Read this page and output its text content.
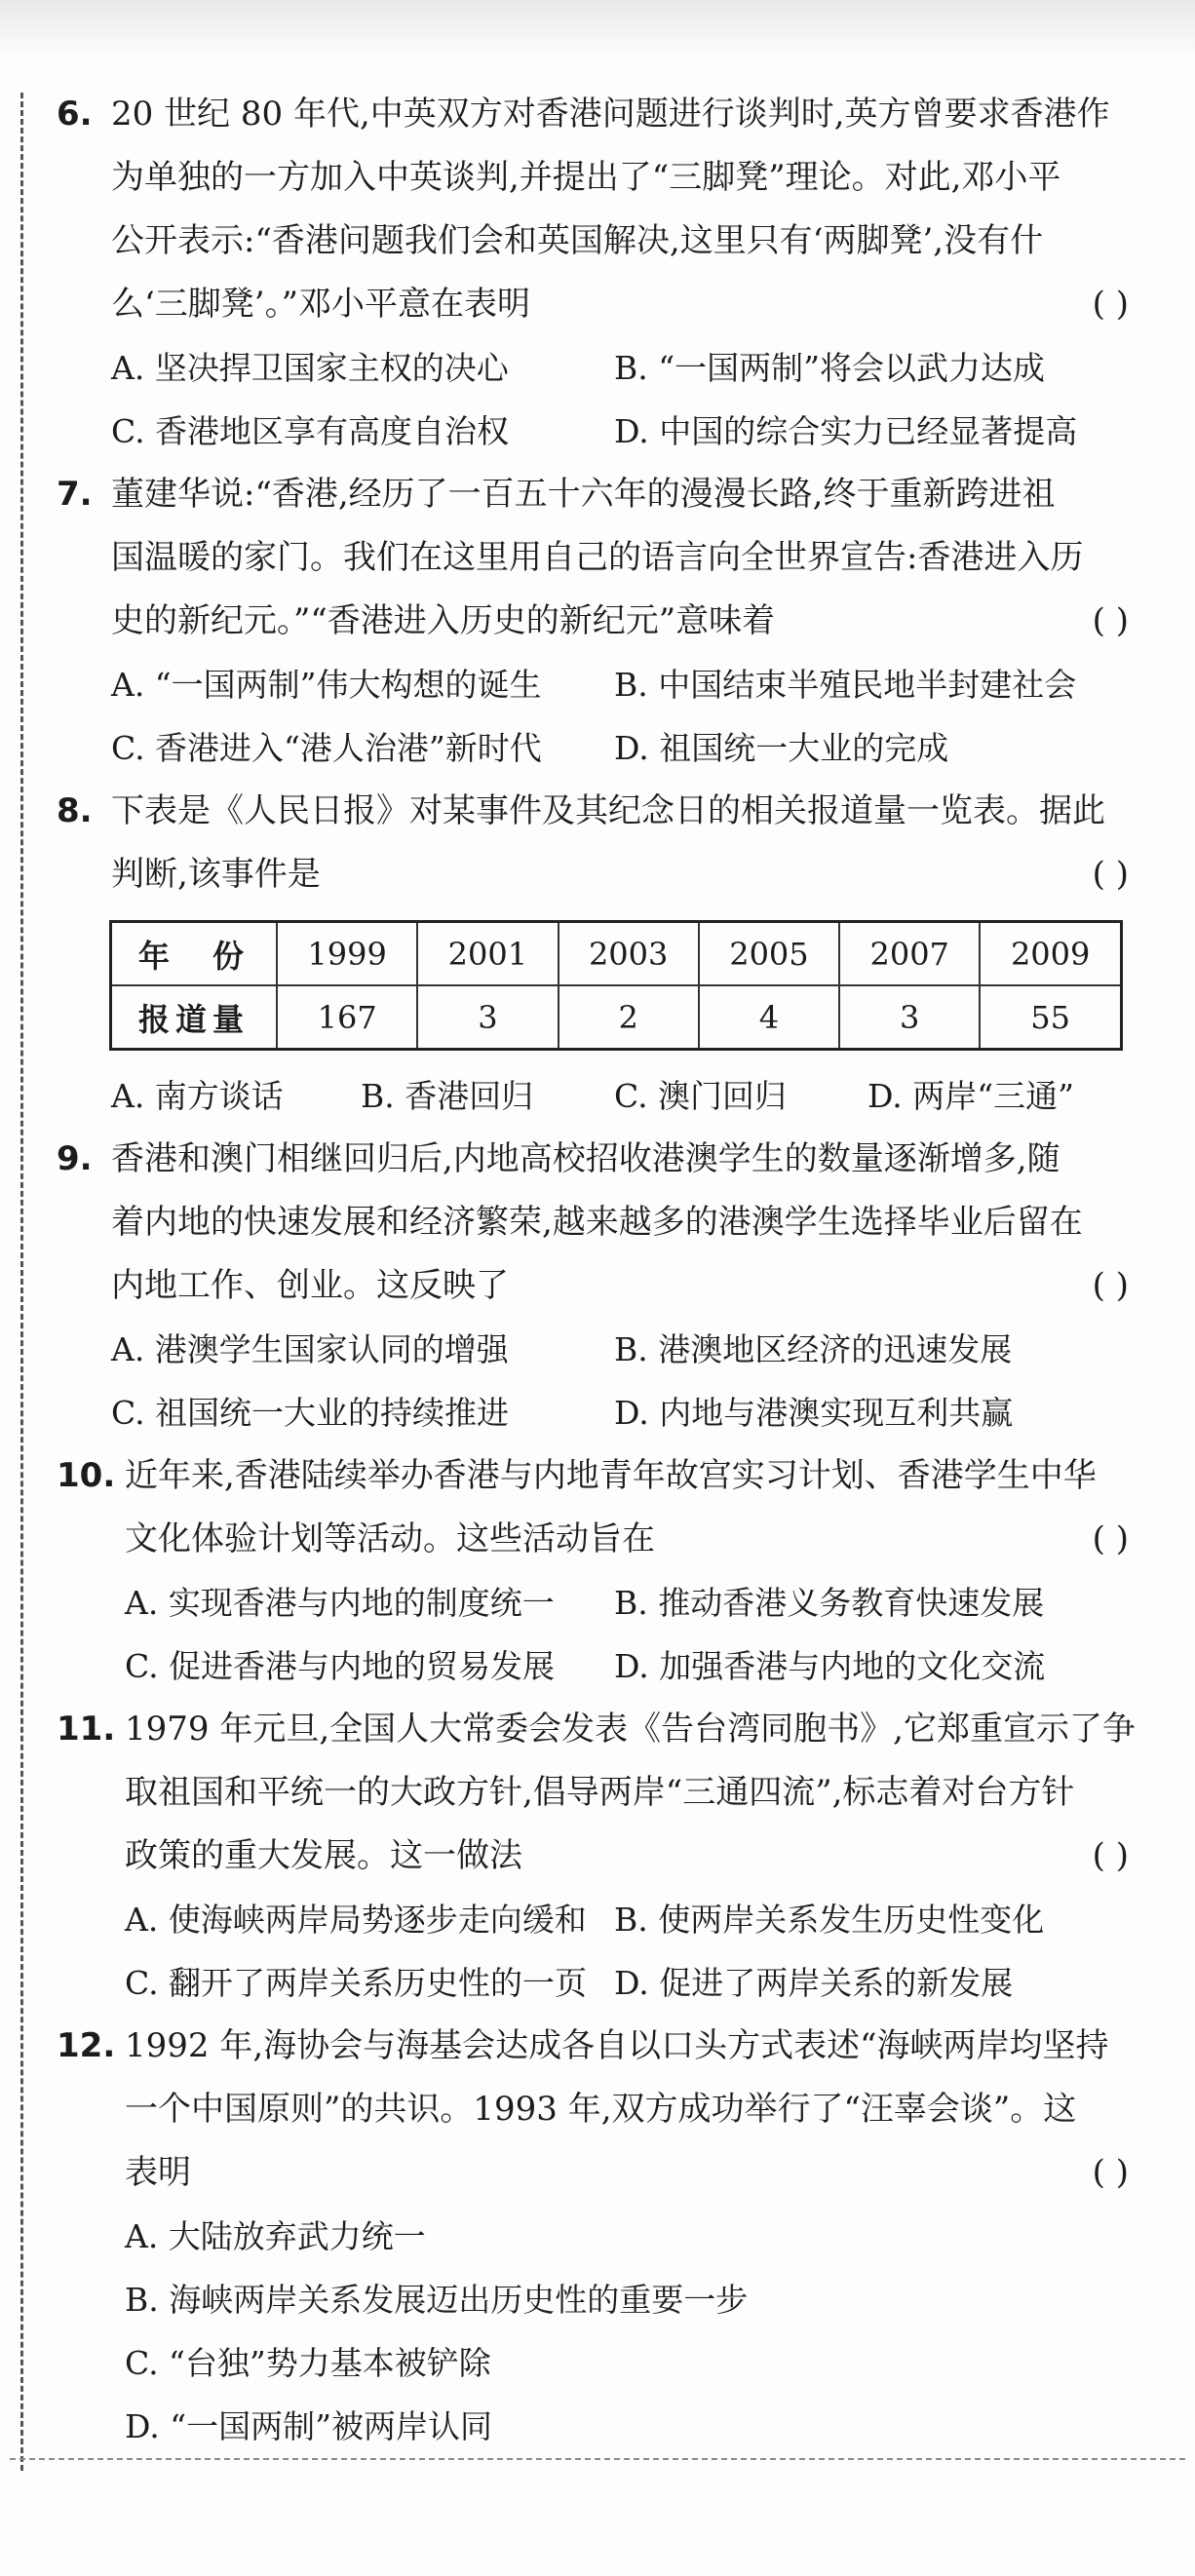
6. 20 世纪 80 年代,中英双方对香港问题进行谈判时,英方曾要求香港作
为单独的一方加入中英谈判,并提出了“三脚凳”理论。对此,邓小平
公开表示:“香港问题我们会和英国解决,这里只有‘两脚凳’,没有什
么‘三脚凳’。”邓小平意在表明	( )
A. 坚决捍卫国家主权的决心	B. “一国两制”将会以武力达成
C. 香港地区享有高度自治权	D. 中国的综合实力已经显著提高
7. 董建华说:“香港,经历了一百五十六年的漫漫长路,终于重新跨进祖
国温暖的家门。我们在这里用自己的语言向全世界宣告:香港进入历
史的新纪元。”“香港进入历史的新纪元”意味着	( )
A. “一国两制”伟大构想的诞生 B. 中国结束半殖民地半封建社会
C. 香港进入“港人治港”新时代 D. 祖国统一大业的完成
8. 下表是《人民日报》对某事件及其纪念日的相关报道量一览表。据此
判断,该事件是	( )
年　份	1999	2001	2003	2005	2007	2009
报道量	167	3	2	4	3	55
A. 南方谈话 B. 香港回归	C. 澳门回归	D. 两岸“三通”
9. 香港和澳门相继回归后,内地高校招收港澳学生的数量逐渐增多,随
着内地的快速发展和经济繁荣,越来越多的港澳学生选择毕业后留在
内地工作、创业。这反映了	( )
A. 港澳学生国家认同的增强	B. 港澳地区经济的迅速发展
C. 祖国统一大业的持续推进	D. 内地与港澳实现互利共赢
10. 近年来,香港陆续举办香港与内地青年故宫实习计划、香港学生中华
文化体验计划等活动。这些活动旨在	( )
A. 实现香港与内地的制度统一 B. 推动香港义务教育快速发展
C. 促进香港与内地的贸易发展 D. 加强香港与内地的文化交流
11. 1979 年元旦,全国人大常委会发表《告台湾同胞书》,它郑重宣示了争
取祖国和平统一的大政方针,倡导两岸“三通四流”,标志着对台方针
政策的重大发展。这一做法	( )
A. 使海峡两岸局势逐步走向缓和 B. 使两岸关系发生历史性变化
C. 翻开了两岸关系历史性的一页 D. 促进了两岸关系的新发展
12. 1992 年,海协会与海基会达成各自以口头方式表述“海峡两岸均坚持
一个中国原则”的共识。1993 年,双方成功举行了“汪辜会谈”。这
表明	( )
A. 大陆放弃武力统一
B. 海峡两岸关系发展迈出历史性的重要一步
C. “台独”势力基本被铲除
D. “一国两制”被两岸认同
